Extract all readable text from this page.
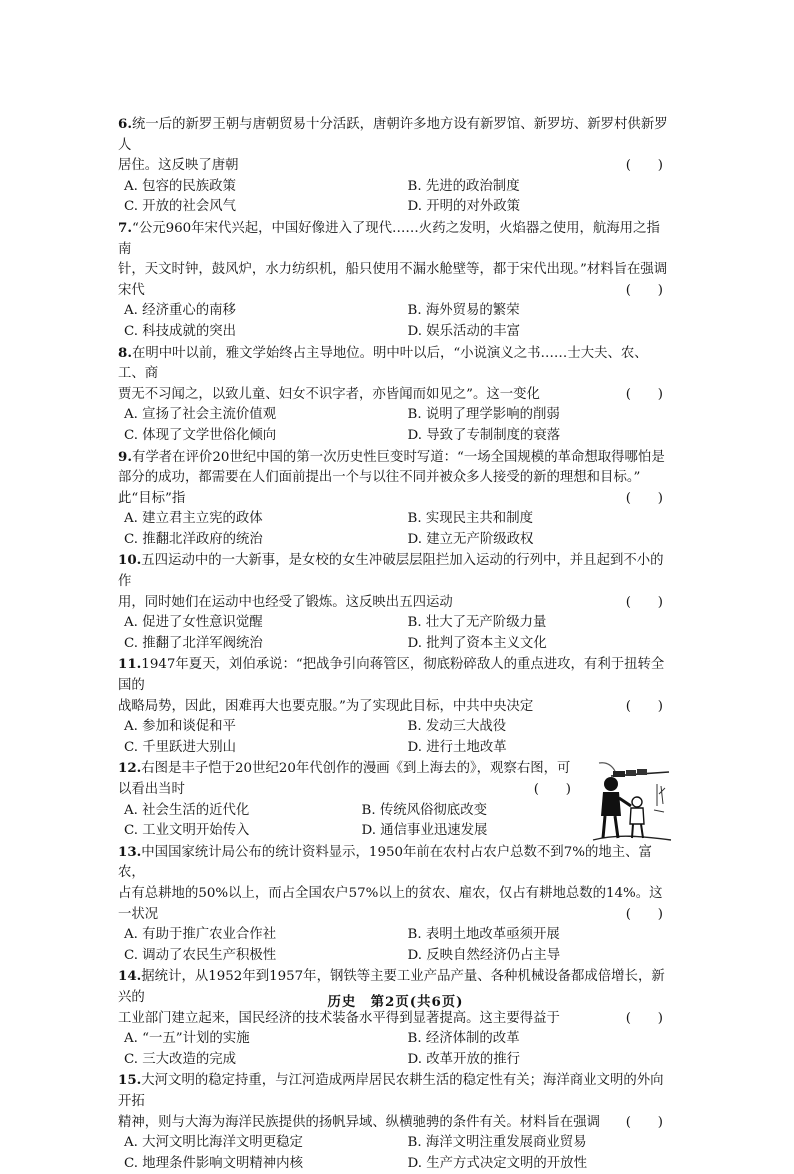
6.统一后的新罗王朝与唐朝贸易十分活跃，唐朝许多地方设有新罗馆、新罗坊、新罗村供新罗人
居住。这反映了唐朝	(　　)
A. 包容的民族政策	B. 先进的政治制度
C. 开放的社会风气	D. 开明的对外政策
7.“公元960年宋代兴起，中国好像进入了现代……火药之发明，火焰器之使用，航海用之指南
针，天文时钟，鼓风炉，水力纺织机，船只使用不漏水舱壁等，都于宋代出现。”材料旨在强调
宋代	(　　)
A. 经济重心的南移	B. 海外贸易的繁荣
C. 科技成就的突出	D. 娱乐活动的丰富
8.在明中叶以前，雅文学始终占主导地位。明中叶以后，“小说演义之书……士大夫、农、工、商
贾无不习闻之，以致儿童、妇女不识字者，亦皆闻而如见之”。这一变化	(　　)
A. 宣扬了社会主流价值观	B. 说明了理学影响的削弱
C. 体现了文学世俗化倾向	D. 导致了专制制度的衰落
9.有学者在评价20世纪中国的第一次历史性巨变时写道：“一场全国规模的革命想取得哪怕是
部分的成功，都需要在人们面前提出一个与以往不同并被众多人接受的新的理想和目标。”
此“目标”指	(　　)
A. 建立君主立宪的政体	B. 实现民主共和制度
C. 推翻北洋政府的统治	D. 建立无产阶级政权
10.五四运动中的一大新事，是女校的女生冲破层层阻拦加入运动的行列中，并且起到不小的作
用，同时她们在运动中也经受了锻炼。这反映出五四运动	(　　)
A. 促进了女性意识觉醒	B. 壮大了无产阶级力量
C. 推翻了北洋军阀统治	D. 批判了资本主义文化
11.1947年夏天，刘伯承说：“把战争引向蒋管区，彻底粉碎敌人的重点进攻，有利于扭转全国的
战略局势，因此，困难再大也要克服。”为了实现此目标，中共中央决定	(　　)
A. 参加和谈促和平	B. 发动三大战役
C. 千里跃进大别山	D. 进行土地改革
12.右图是丰子恺于20世纪20年代创作的漫画《到上海去的》，观察右图，可
以看出当时	(　　)
A. 社会生活的近代化	B. 传统风俗彻底改变
C. 工业文明开始传入	D. 通信事业迅速发展
13.中国国家统计局公布的统计资料显示，1950年前在农村占农户总数不到7%的地主、富农，
占有总耕地的50%以上，而占全国农户57%以上的贫农、雇农，仅占有耕地总数的14%。这
一状况	(　　)
A. 有助于推广农业合作社	B. 表明土地改革亟须开展
C. 调动了农民生产积极性	D. 反映自然经济仍占主导
14.据统计，从1952年到1957年，钢铁等主要工业产品产量、各种机械设备都成倍增长，新兴的
工业部门建立起来，国民经济的技术装备水平得到显著提高。这主要得益于	(　　)
A. “一五”计划的实施	B. 经济体制的改革
C. 三大改造的完成	D. 改革开放的推行
15.大河文明的稳定持重，与江河造成两岸居民农耕生活的稳定性有关；海洋商业文明的外向开拓
精神，则与大海为海洋民族提供的扬帆异域、纵横驰骋的条件有关。材料旨在强调 (　　)
A. 大河文明比海洋文明更稳定	B. 海洋文明注重发展商业贸易
C. 地理条件影响文明精神内核	D. 生产方式决定文明的开放性
历史　第2页(共6页)
